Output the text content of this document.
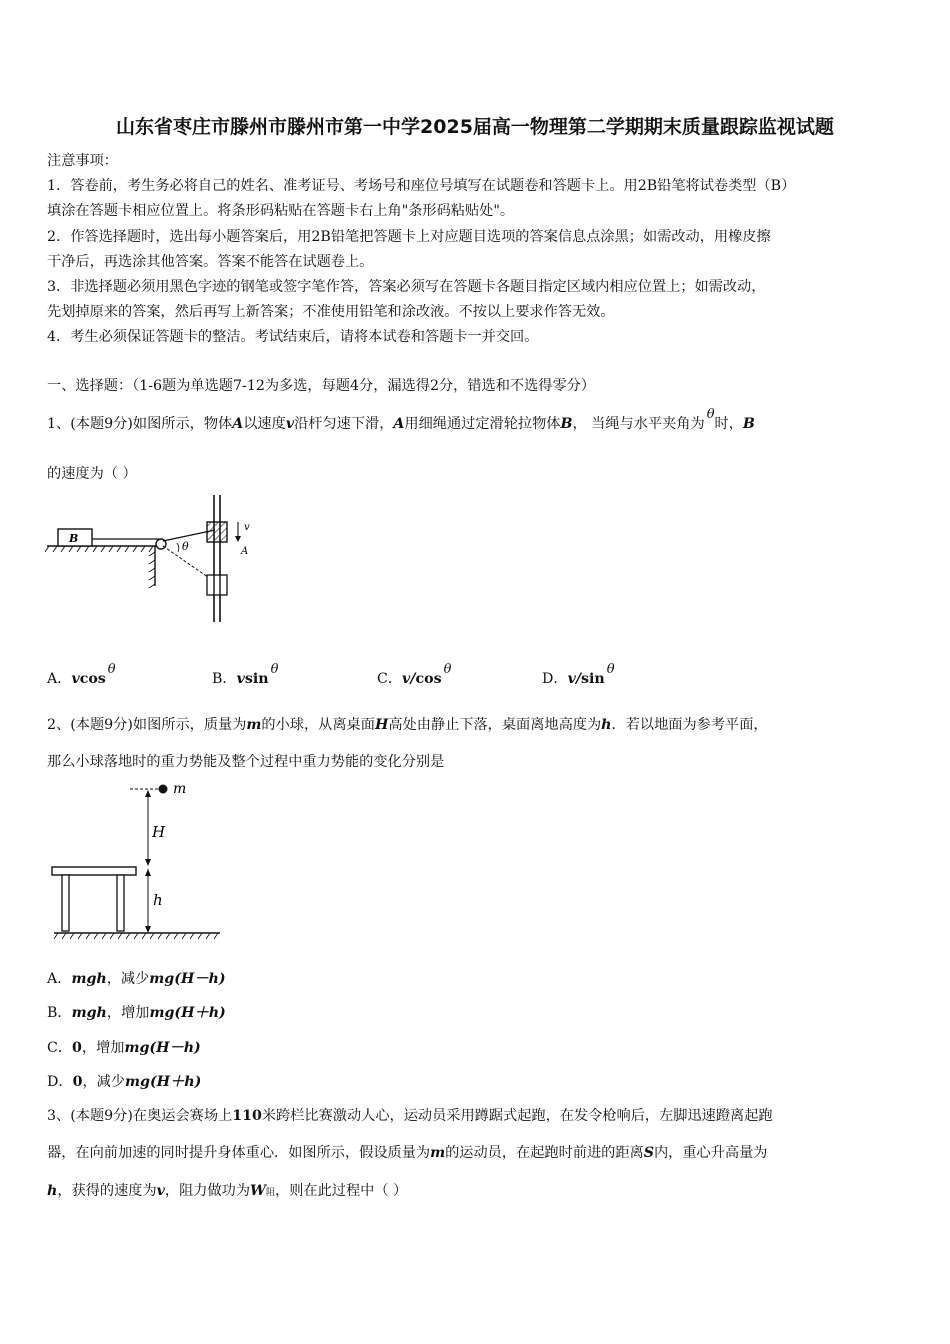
山东省枣庄市滕州市滕州市第一中学2025届高一物理第二学期期末质量跟踪监视试题
注意事项：
1．答卷前，考生务必将自己的姓名、准考证号、考场号和座位号填写在试题卷和答题卡上。用2B铅笔将试卷类型（B）
填涂在答题卡相应位置上。将条形码粘贴在答题卡右上角"条形码粘贴处"。
2．作答选择题时，选出每小题答案后，用2B铅笔把答题卡上对应题目选项的答案信息点涂黑；如需改动，用橡皮擦
干净后，再选涂其他答案。答案不能答在试题卷上。
3．非选择题必须用黑色字迹的钢笔或签字笔作答，答案必须写在答题卡各题目指定区域内相应位置上；如需改动，
先划掉原来的答案，然后再写上新答案；不准使用铅笔和涂改液。不按以上要求作答无效。
4．考生必须保证答题卡的整洁。考试结束后，请将本试卷和答题卡一并交回。
一、选择题：（1-6题为单选题7-12为多选，每题4分，漏选得2分，错选和不选得零分）
1、(本题9分)如图所示，物体A以速度v沿杆匀速下滑，A用细绳通过定滑轮拉物体B， 当绳与水平夹角为θ时，B
的速度为（ ）
B
θ
v
A
A．vcosθ
B．vsinθ
C．v/cosθ
D．v/sinθ
2、(本题9分)如图所示，质量为m的小球，从离桌面H高处由静止下落，桌面离地高度为h．若以地面为参考平面，
那么小球落地时的重力势能及整个过程中重力势能的变化分别是
m
H
h
A．mgh，减少mg(H－h)
B．mgh，增加mg(H＋h)
C．0，增加mg(H－h)
D．0，减少mg(H＋h)
3、(本题9分)在奥运会赛场上110米跨栏比赛激动人心，运动员采用蹲踞式起跑，在发令枪响后，左脚迅速蹬离起跑
器，在向前加速的同时提升身体重心．如图所示，假设质量为m的运动员，在起跑时前进的距离S内，重心升高量为
h，获得的速度为v，阻力做功为W阻，则在此过程中（ ）
